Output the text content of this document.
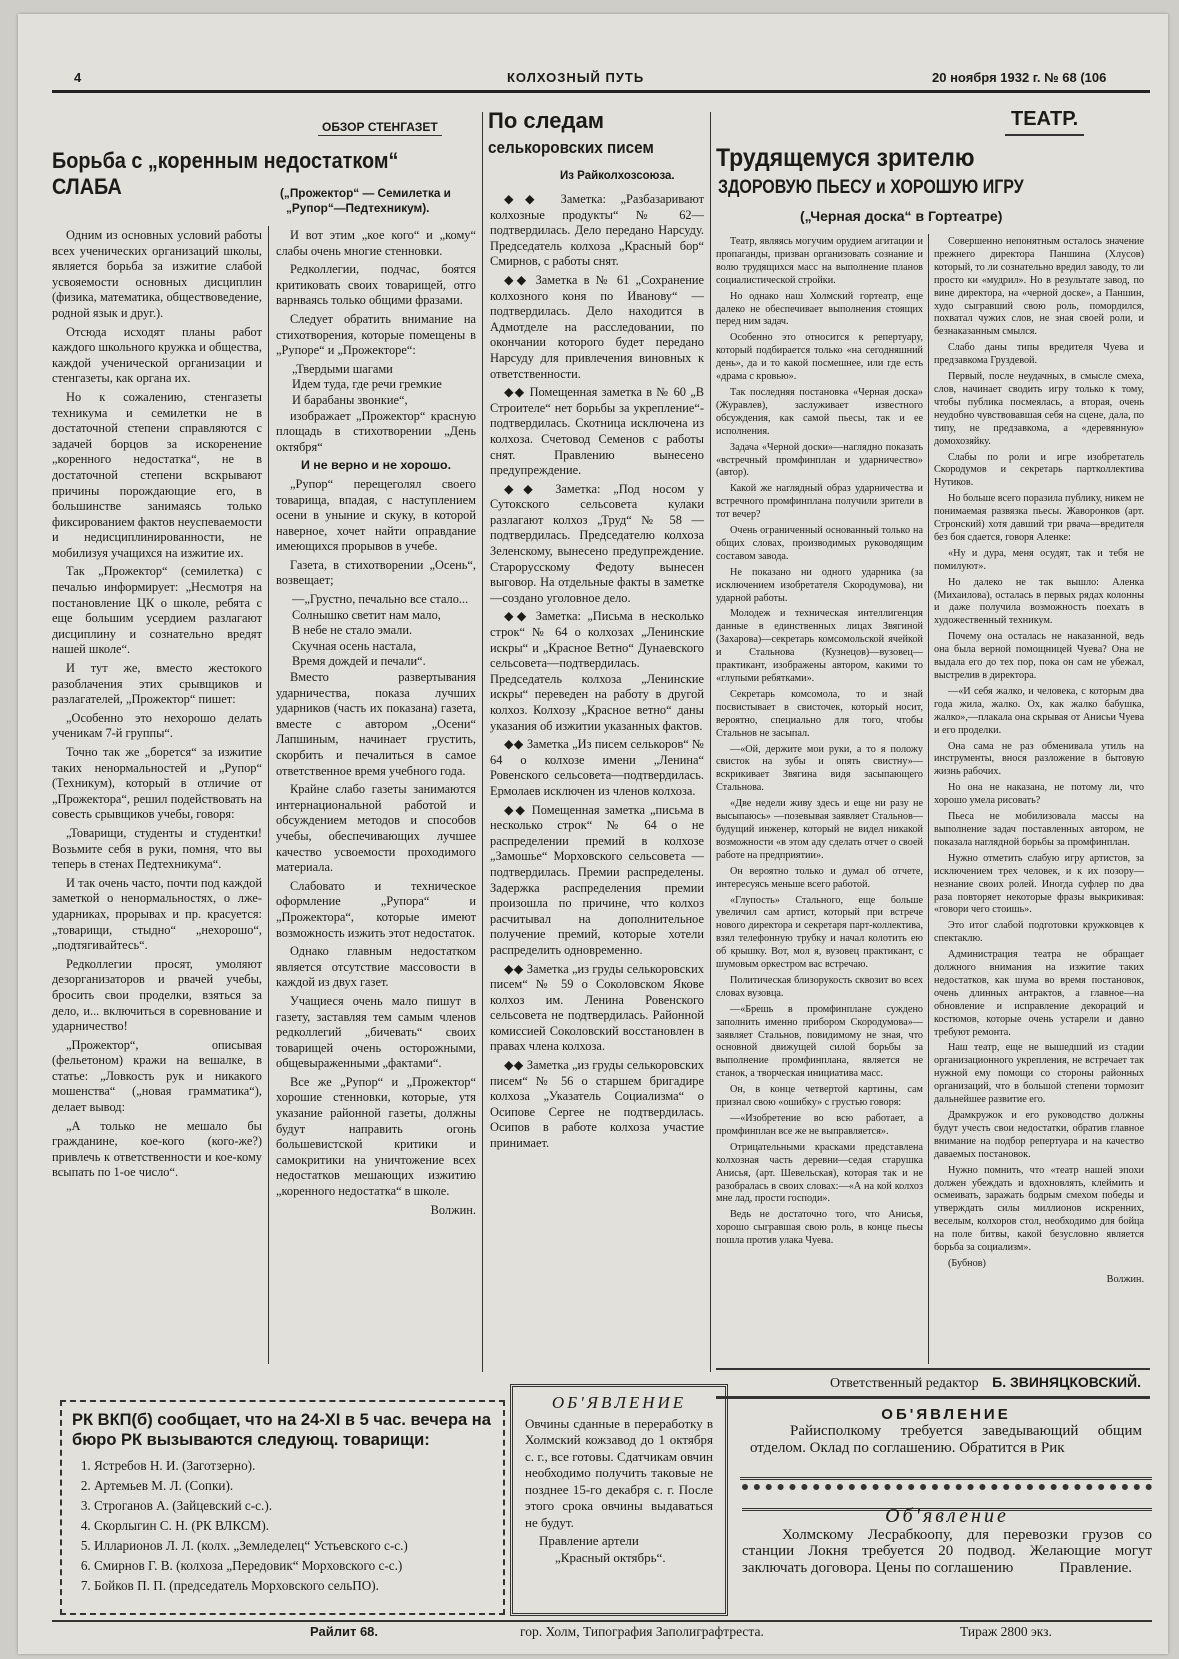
4	КОЛХОЗНЫЙ ПУТЬ	20 ноября 1932 г. № 68 (106
ОБЗОР СТЕНГАЗЕТ
Борьба с „коренным недостатком“ СЛАБА	(„Прожектор“ — Семилетка и
„Рупор“—Педтехникум).

Одним из основных условий работы всех ученических организаций школы, является борьба за изжитие слабой усвояемости основных дисциплин (физика, математика, обществоведение, родной язык и друг.).

Отсюда исходят планы работ каждого школьного кружка и общества, каждой ученической организации и стенгазеты, как органа их.

Но к сожалению, стенгазеты техникума и семилетки не в достаточной степени справляются с задачей борцов за искоренение „коренного недостатка“, не в достаточной степени вскрывают причины порождающие его, в большинстве занимаясь только фиксированием фактов неуспеваемости и недисциплинированности, не мобилизуя учащихся на изжитие их.

Так „Прожектор“ (семилетка) с печалью информирует: „Несмотря на постановление ЦК о школе, ребята с еще большим усердием разлагают дисциплину и сознательно вредят нашей школе“.

И тут же, вместо жестокого разоблачения этих срывщиков и разлагателей, „Прожектор“ пишет:

„Особенно это нехорошо делать ученикам 7-й группы“.

Точно так же „борется“ за изжитие таких ненормальностей и „Рупор“ (Техникум), который в отличие от „Прожектора“, решил подействовать на совесть срывщиков учебы, говоря:

„Товарищи, студенты и студентки! Возьмите себя в руки, помня, что вы теперь в стенах Педтехникума“.

И так очень часто, почти под каждой заметкой о ненормальностях, о лже-ударниках, прорывах и пр. красуется: „товарищи, стыдно“ „нехорошо“, „подтягивайтесь“.

Редколлегии просят, умоляют дезорганизаторов и рвачей учебы, бросить свои проделки, взяться за дело, и... включиться в соревнование и ударничество!

„Прожектор“, описывая (фельетоном) кражи на вешалке, в статье: „Ловкость рук и никакого мошенства“ („новая грамматика“), делает вывод:

„А только не мешало бы гражданине, кое-кого (кого-же?) привлечь к ответственности и кое-кому всыпать по 1-ое число“.

И вот этим „кое кого“ и „кому“ слабы очень многие стенновки.

Редколлегии, подчас, боятся критиковать своих товарищей, отго варнваясь только общими фразами.

Следует обратить внимание на стихотворения, которые помещены в „Рупоре“ и „Прожекторе“:

„Твердыми шагами

Идем туда, где речи гремкие

И барабаны звонкие“,

изображает „Прожектор“ красную площадь в стихотворении „День октября“

И не верно и не хорошо.

„Рупор“ перещеголял своего товарища, впадая, с наступлением осени в уныние и скуку, в которой наверное, хочет найти оправдание имеющихся прорывов в учебе.

Газета, в стихотворении „Осень“, возвещает;

—„Грустно, печально все стало...

Солнышко светит нам мало,

В небе не стало эмали.

Скучная осень настала,

Время дождей и печали“.

Вместо развертывания ударничества, показа лучших ударников (часть их показана) газета, вместе с автором „Осени“ Лапшиным, начинает грустить, скорбить и печалиться в самое ответственное время учебного года.

Крайне слабо газеты занимаются интернациональной работой и обсуждением методов и способов учебы, обеспечивающих лучшее качество усвоемости проходимого материала.

Слабовато и техническое оформление „Рупора“ и „Прожектора“, которые имеют возможность изжить этот недостаток.

Однако главным недостатком является отсутствие массовости в каждой из двух газет.

Учащиеся очень мало пишут в газету, заставляя тем самым членов редколлегий „бичевать“ своих товарищей очень осторожными, общевыраженными „фактами“.

Все же „Рупор“ и „Прожектор“ хорошие стенновки, которые, утя указание районной газеты, должны будут направить огонь большевистской критики и самокритики на уничтожение всех недостатков мешающих изжитию „коренного недостатка“ в школе.

Волжин.

По следам
селькоровских писем
Из Райколхозсоюза.

◆◆ Заметка: „Разбазаривают колхозные продукты“ № 62— подтвердилась. Дело передано Нарсуду. Председатель колхоза „Красный бор“ Смирнов, с работы снят.

◆◆ Заметка в № 61 „Сохранение колхозного коня по Иванову“ — подтвердилась. Дело находится в Адмотделе на расследовании, по окончании которого будет передано Нарсуду для привлечения виновных к ответственности.

◆◆ Помещенная заметка в № 60 „В Строителе“ нет борьбы за укрепление“-подтвердилась. Скотница исключена из колхоза. Счетовод Семенов с работы снят. Правлению вынесено предупреждение.

◆◆ Заметка: „Под носом у Сутокского сельсовета кулаки разлагают колхоз „Труд“ № 58 —подтвердилась. Председателю колхоза Зеленскому, вынесено предупреждение. Старорусскому Федоту вынесен выговор. На отдельные факты в заметке—создано уголовное дело.

◆◆ Заметка: „Письма в несколько строк“ № 64 о колхозах „Ленинские искры“ и „Красное Ветно“ Дунаевского сельсовета—подтвердилась. Председатель колхоза „Ленинские искры“ переведен на работу в другой колхоз. Колхозу „Красное ветно“ даны указания об изжитии указанных фактов.

◆◆ Заметка „Из писем селькоров“ № 64 о колхозе имени „Ленина“ Ровенского сельсовета—подтвердилась. Ермолаев исключен из членов колхоза.

◆◆ Помещенная заметка „письма в несколько строк“ № 64 о не распределении премий в колхозе „Замошье“ Морховского сельсовета — подтвердилась. Премии распределены. Задержка распределения премии произошла по причине, что колхоз расчитывал на дополнительное получение премий, которые хотели распределить одновременно.

◆◆ Заметка „из груды селькоровских писем“ № 59 о Соколовском Якове колхоз им. Ленина Ровенского сельсовета не подтвердилась. Районной комиссией Соколовский восстановлен в правах члена колхоза.

◆◆ Заметка „из груды селькоровских писем“ № 56 о старшем бригадире колхоза „Указатель Социализма“ о Осипове Сергее не подтвердилась. Осипов в работе колхоза участие принимает.

ТЕАТР.
Трудящемуся зрителю
ЗДОРОВУЮ ПЬЕСУ и ХОРОШУЮ ИГРУ
(„Черная доска“ в Гортеатре)

Театр, являясь могучим орудием агитации и пропаганды, призван организовать сознание и волю трудящихся масс на выполнение планов социалистической стройки.

Но однако наш Холмский гортеатр, еще далеко не обеспечивает выполнения стоящих перед ним задач.

Особенно это относится к репертуару, который подбирается только «на сегодняшний день», да и то какой посмешнее, или где есть «драма с кровью».

Так последняя постановка «Черная доска» (Журавлев), заслуживает известного обсуждения, как самой пьесы, так и ее исполнения.

Задача «Черной доски»—наглядно показать «встречный промфинплан и ударничество» (автор).

Какой же наглядный образ ударничества и встречного промфинплана получили зрители в тот вечер?

Очень ограниченный основанный только на общих словах, производимых руководящим составом завода.

Не показано ни одного ударника (за исключением изобретателя Скородумова), ни ударной работы.

Молодеж и техническая интеллигенция данные в единственных лицах Звягиной (Захарова)—секретарь комсомольской ячейкой и Стальнова (Кузнецов)—вузовец—практикант, изображены автором, какими то «глупыми ребятками».

Секретарь комсомола, то и знай посвистывает в свисточек, который носит, вероятно, специально для того, чтобы Стальнов не засыпал.

—«Ой, держите мои руки, а то я положу свисток на зубы и опять свистну»—вскрикивает Звягина видя засыпающего Стальнова.

«Две недели живу здесь и еще ни разу не высыпаюсь» —позевывая заявляет Стальнов—будущий инженер, который не видел никакой возможности «в этом аду сделать отчет о своей работе на предприятии».

Он вероятно только и думал об отчете, интересуясь меньше всего работой.

«Глупость» Стального, еще больше увеличил сам артист, который при встрече нового директора и секретаря парт-коллектива, взял телефонную трубку и начал колотить ею об крышку. Вот, мол я, вузовец практикант, с шумовым оркестром вас встречаю.

Политическая близорукость сквозит во всех словах вузовца.

—«Брешь в промфинплане суждено заполнить именно прибором Скородумова»—заявляет Стальнов, повидимому не зная, что основной движущей силой борьбы за выполнение промфинплана, является не станок, а творческая инициатива масс.

Он, в конце четвертой картины, сам признал свою «ошибку» с грустью говоря:

—«Изобретение во всю работает, а промфинплан все же не выправляется».

Отрицательными красками представлена колхозная часть деревни—седая старушка Анисья, (арт. Шевельская), которая так и не разобралась в своих словах:—«А на кой колхоз мне лад, прости господи».

Ведь не достаточно того, что Анисья, хорошо сыгравшая свою роль, в конце пьесы пошла против улака Чуева.

Совершенно непонятным осталось значение прежнего директора Паншина (Хлусов) который, то ли сознательно вредил заводу, то ли просто ки «мудрил». Но в результате завод, по вине директора, на «черной доске», а Паншин, худо сыгравший свою роль, помордился, похватал чужих слов, не зная своей роли, и безнаказанным смылся.

Слабо даны типы вредителя Чуева и предзавкома Груздевой.

Первый, после неудачных, в смысле смеха, слов, начинает сводить игру только к тому, чтобы публика посмеялась, а вторая, очень неудобно чувствовавшая себя на сцене, дала, по типу, не предзавкома, а «деревянную» домохозяйку.

Слабы по роли и игре изобретатель Скородумов и секретарь партколлектива Нутиков.

Но больше всего поразила публику, никем не понимаемая развязка пьесы. Жаворонков (арт. Стронский) хотя давший три рвача—вредителя без боя сдается, говоря Аленке:

«Ну и дура, меня осудят, так и тебя не помилуют».

Но далеко не так вышло: Аленка (Михаилова), осталась в первых рядах колонны и даже получила возможность поехать в художественный техникум.

Почему она осталась не наказанной, ведь она была верной помощницей Чуева? Она не выдала его до тех пор, пока он сам не убежал, выстрелив в директора.

—«И себя жалко, и человека, с которым два года жила, жалко. Ох, как жалко бабушка, жалко»,—плакала она скрывая от Анисьи Чуева и его проделки.

Она сама не раз обменивала утиль на инструменты, внося разложение в бытовую жизнь рабочих.

Но она не наказана, не потому ли, что хорошо умела рисовать?

Пьеса не мобилизовала массы на выполнение задач поставленных автором, не показала наглядной борьбы за промфинплан.

Нужно отметить слабую игру артистов, за исключением трех человек, и к их позору—незнание своих ролей. Иногда суфлер по два раза повторяет некоторые фразы выкрикивая: «говори чего стоишь».

Это итог слабой подготовки кружковцев к спектаклю.

Администрация театра не обращает должного внимания на изжитие таких недостатков, как шума во время постановок, очень длинных антрактов, а главное—на обновление и исправление декораций и костюмов, которые очень устарели и давно требуют ремонта.

Наш театр, еще не вышедший из стадии организационного укрепления, не встречает так нужной ему помощи со стороны районных организаций, что в большой степени тормозит дальнейшее развитие его.

Драмкружок и его руководство должны будут учесть свои недостатки, обратив главное внимание на подбор репертуара и на качество даваемых постановок.

Нужно помнить, что «театр нашей эпохи должен убеждать и вдохновлять, клеймить и осмеивать, заражать бодрым смехом победы и утверждать силы миллионов искренних, веселым, колхоров стол, необходимо для бойца на поле битвы, какой безусловно является борьба за социализм».

(Бубнов)

Волжин.

Ответственный редактор Б. ЗВИНЯЦКОВСКИЙ.
РК ВКП(б) сообщает, что на 24-XI в 5 час. вечера на бюро РК вызываются следующ. товарищи:
1. Ястребов Н. И. (Заготзерно).
2. Артемьев М. Л. (Сопки).
3. Строганов А. (Зайцевский с-с.).
4. Скорлыгин С. Н. (РК ВЛКСМ).
5. Илларионов Л. Л. (колх. „Земледелец“ Устьевского с-с.)
6. Смирнов Г. В. (колхоза „Передовик“ Морховского с-с.)
7. Бойков П. П. (председатель Морховского сельПО).
ОБ'ЯВЛЕНИЕ
Овчины сданные в переработку в Холмский кожзавод до 1 октября с. г., все готовы. Сдатчикам овчин необходимо получить таковые не позднее 15-го декабря с. г. После этого срока овчины выдаваться не будут.
Правление артели
„Красный октябрь“.
ОБ'ЯВЛЕНИЕ
Райисполкому требуется заведывающий общим отделом. Оклад по соглашению. Обратится в Рик
Об'явление
Холмскому Лесрабкоопу, для перевозки грузов со станции Локня требуется 20 подвод. Желающие могут заключать договора. Цены по соглашению	Правление.
Райлит 68.	гор. Холм, Типография Заполиграфтреста.	Тираж 2800 экз.
